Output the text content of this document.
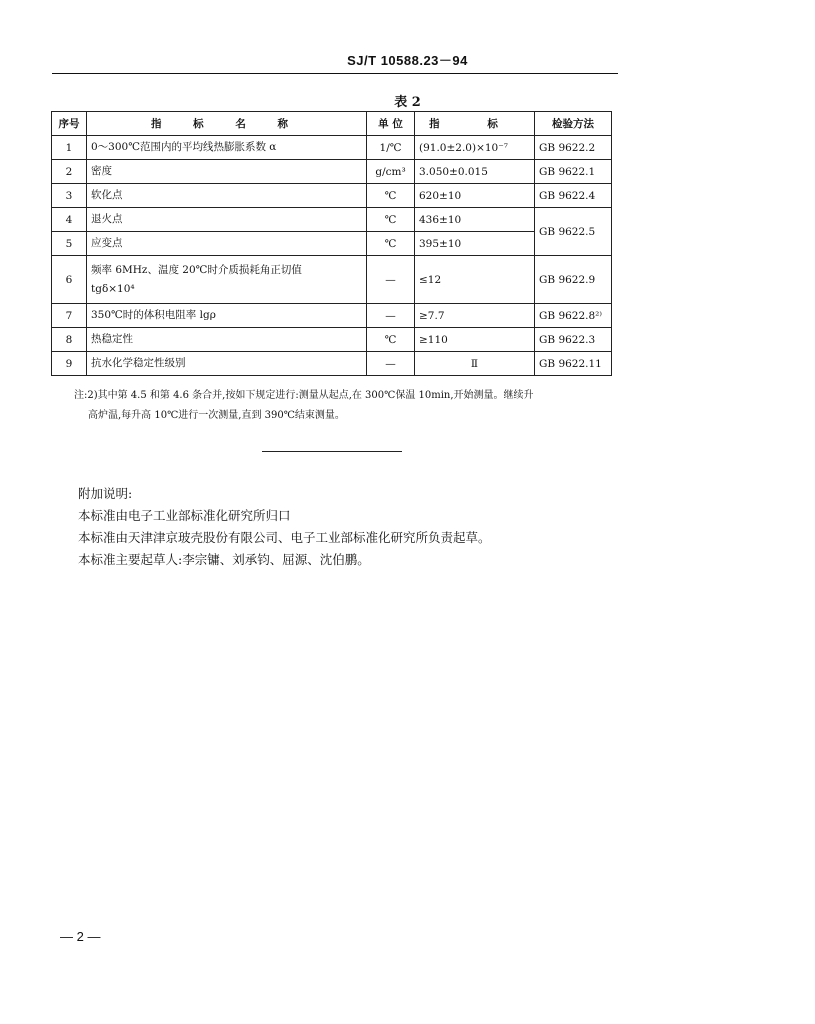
SJ/T 10588.23－94
表 2
序号	指 标 名 称	单 位	指 标	检验方法
1	0～300℃范围内的平均线热膨胀系数 α	1/℃	(91.0±2.0)×10⁻⁷	GB 9622.2
2	密度	g/cm³	3.050±0.015	GB 9622.1
3	软化点	℃	620±10	GB 9622.4
4	退火点	℃	436±10	GB 9622.5
5	应变点	℃	395±10	
6	频率 6MHz、温度 20℃时介质损耗角正切值
tgδ×10⁴	—	≤12	GB 9622.9
7	350℃时的体积电阻率 lgρ	—	≥7.7	GB 9622.8²⁾
8	热稳定性	℃	≥110	GB 9622.3
9	抗水化学稳定性级别	—	Ⅱ	GB 9622.11
注:2)其中第 4.5 和第 4.6 条合并,按如下规定进行:测量从起点,在 300℃保温 10min,开始测量。继续升
高炉温,每升高 10℃进行一次测量,直到 390℃结束测量。
附加说明:
本标准由电子工业部标准化研究所归口
本标准由天津津京玻壳股份有限公司、电子工业部标准化研究所负责起草。
本标准主要起草人:李宗镛、刘承钧、屈源、沈伯鹏。
— 2 —
